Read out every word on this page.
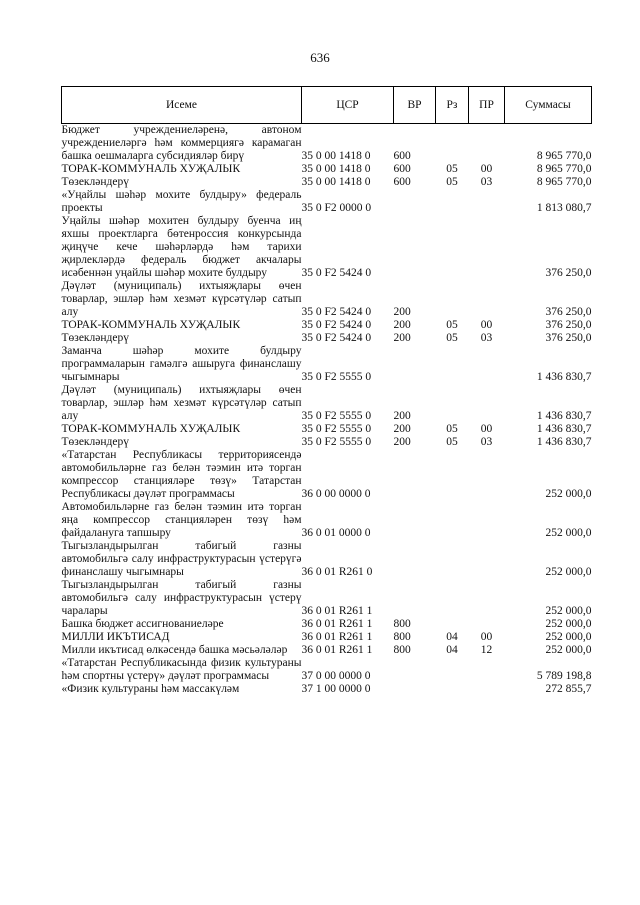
636
Исеме	ЦСР	ВР	Рз	ПР	Суммасы
Бюджет учреждениеләренә, автоном учреждениеләргә һәм коммерциягә карамаган башка оешмаларга субсидияләр бирү	35 0 00 1418 0	600			8 965 770,0
ТОРАК-КОММУНАЛЬ ХУҖАЛЫК	35 0 00 1418 0	600	05	00	8 965 770,0
Төзекләндерү	35 0 00 1418 0	600	05	03	8 965 770,0
«Уңайлы шәһәр мохите булдыру» федераль проекты	35 0 F2 0000 0				1 813 080,7
Уңайлы шәһәр мохитен булдыру буенча иң яхшы проектларга бөтенроссия конкурсында җиңүче кече шәһәрләрдә һәм тарихи җирлекләрдә федераль бюджет акчалары исәбеннән уңайлы шәһәр мохите булдыру	35 0 F2 5424 0				376 250,0
Дәүләт (муниципаль) ихтыяҗлары өчен товарлар, эшләр һәм хезмәт күрсәтүләр сатып алу	35 0 F2 5424 0	200			376 250,0
ТОРАК-КОММУНАЛЬ ХУҖАЛЫК	35 0 F2 5424 0	200	05	00	376 250,0
Төзекләндерү	35 0 F2 5424 0	200	05	03	376 250,0
Заманча шәһәр мохите булдыру программаларын гамәлгә ашыруга финанслашу чыгымнары	35 0 F2 5555 0				1 436 830,7
Дәүләт (муниципаль) ихтыяҗлары өчен товарлар, эшләр һәм хезмәт күрсәтүләр сатып алу	35 0 F2 5555 0	200			1 436 830,7
ТОРАК-КОММУНАЛЬ ХУҖАЛЫК	35 0 F2 5555 0	200	05	00	1 436 830,7
Төзекләндерү	35 0 F2 5555 0	200	05	03	1 436 830,7
«Татарстан Республикасы территориясендә автомобильләрне газ белән тәэмин итә торган компрессор станцияләре төзү» Татарстан Республикасы дәүләт программасы	36 0 00 0000 0				252 000,0
Автомобильләрне газ белән тәэмин итә торган яңа компрессор станцияләрен төзү һәм файдалануга тапшыру	36 0 01 0000 0				252 000,0
Тыгызландырылган табигый газны автомобильгә салу инфраструктурасын үстерүгә финанслашу чыгымнары	36 0 01 R261 0				252 000,0
Тыгызландырылган табигый газны автомобильгә салу инфраструктурасын үстерү чаралары	36 0 01 R261 1				252 000,0
Башка бюджет ассигнованиеләре	36 0 01 R261 1	800			252 000,0
МИЛЛИ ИКЪТИСАД	36 0 01 R261 1	800	04	00	252 000,0
Милли икътисад өлкәсендә башка мәсьәләләр	36 0 01 R261 1	800	04	12	252 000,0
«Татарстан Республикасында физик культураны һәм спортны үстерү» дәүләт программасы	37 0 00 0000 0				5 789 198,8
«Физик культураны һәм массакүләм	37 1 00 0000 0				272 855,7
